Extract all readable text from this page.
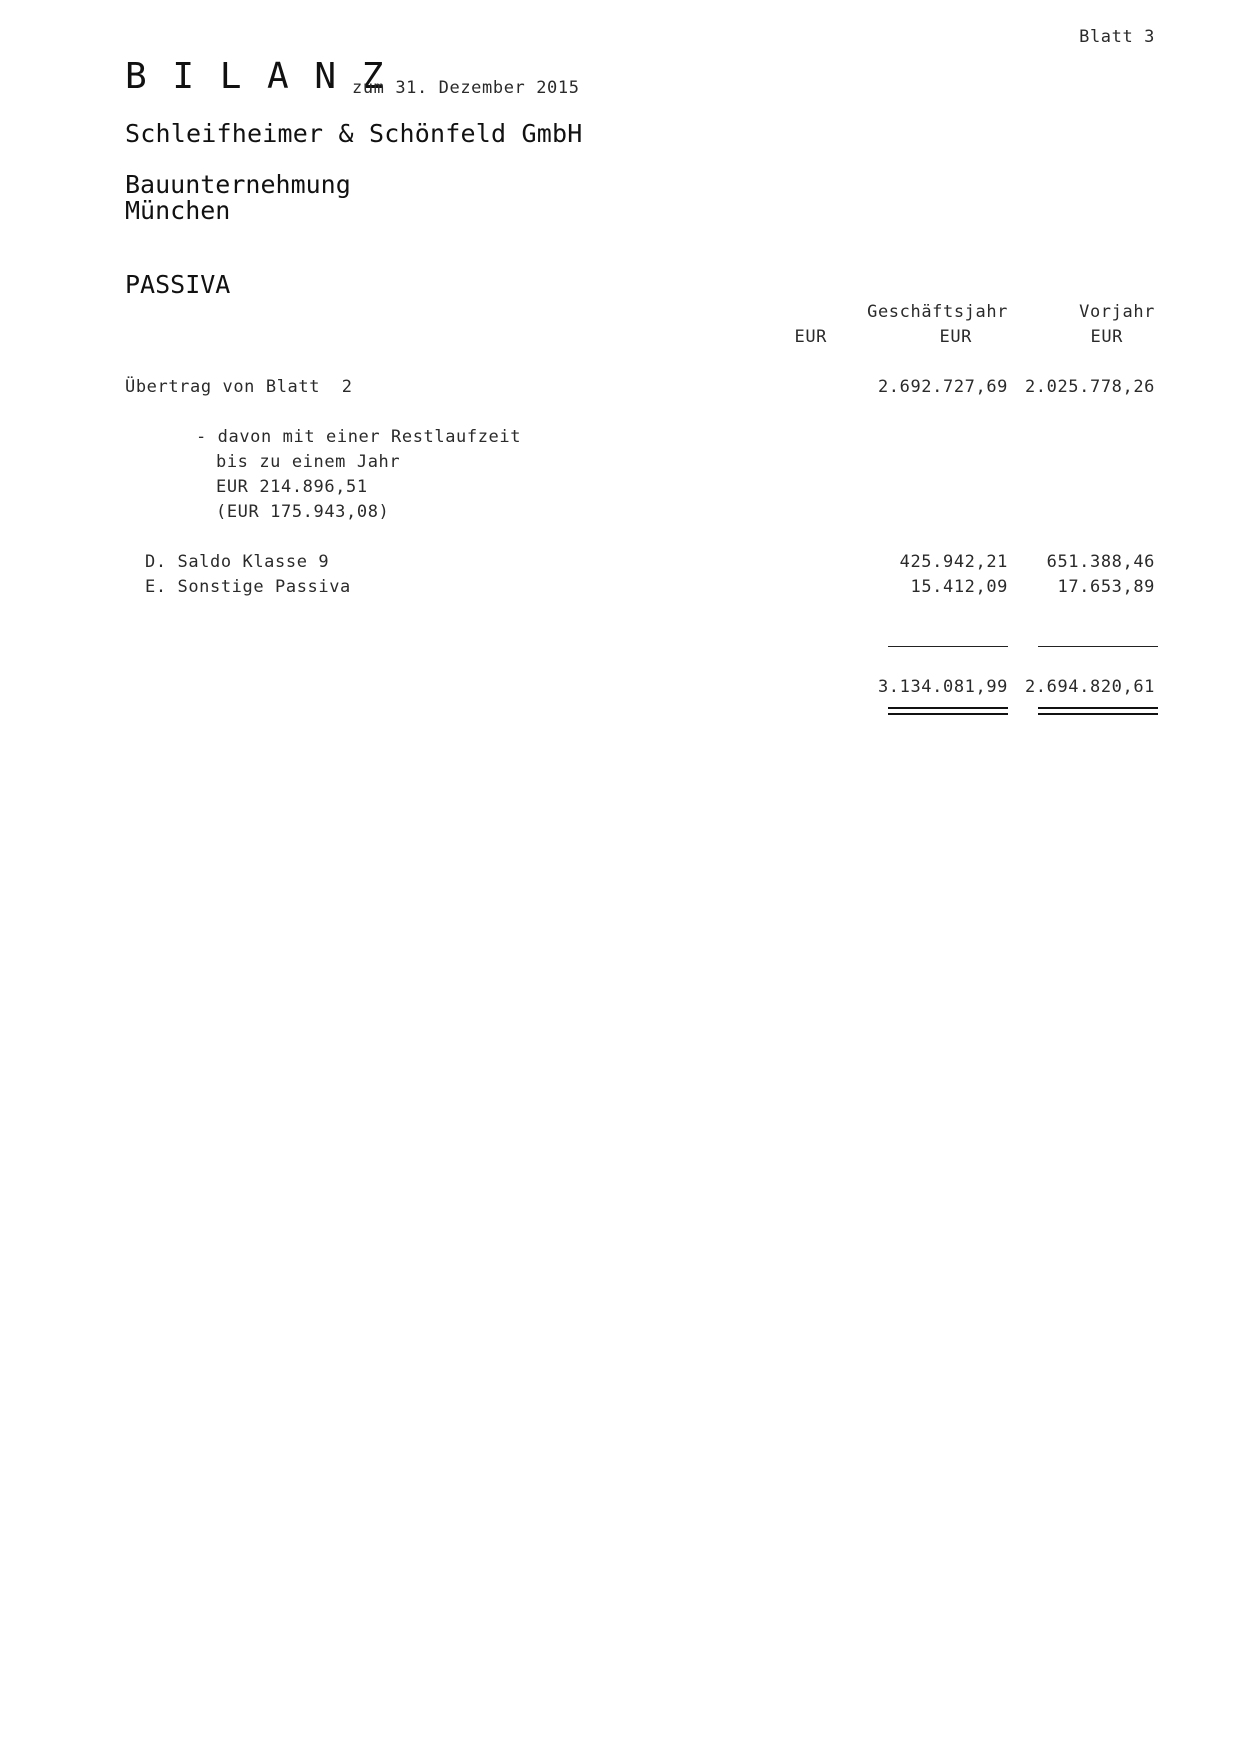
Blatt 3
B I L A N Z
zum 31. Dezember 2015
Schleifheimer & Schönfeld GmbH
Bauunternehmung
München
PASSIVA
Geschäftsjahr	Vorjahr
EUR	EUR	EUR
Übertrag von Blatt  2	2.692.727,69 2.025.778,26
- davon mit einer Restlaufzeit
bis zu einem Jahr
EUR 214.896,51
(EUR 175.943,08)
D. Saldo Klasse 9	425.942,21 651.388,46
E. Sonstige Passiva	15.412,09	17.653,89
3.134.081,99 2.694.820,61
